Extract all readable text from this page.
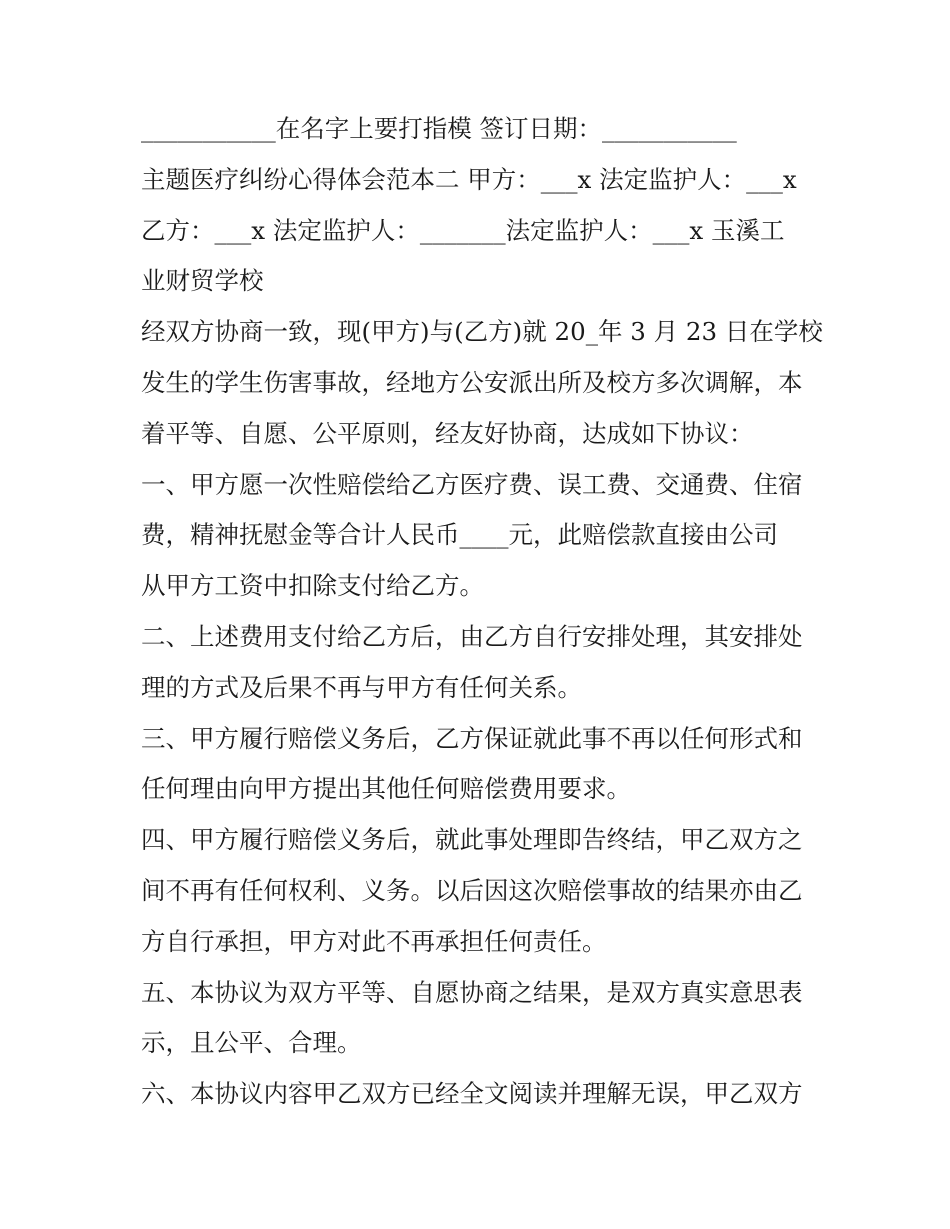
___________在名字上要打指模 签订日期：___________
主题医疗纠纷心得体会范本二 甲方：___x 法定监护人：___x
乙方：___x 法定监护人：_______法定监护人：___x 玉溪工
业财贸学校
经双方协商一致，现(甲方)与(乙方)就 20_年 3 月 23 日在学校
发生的学生伤害事故，经地方公安派出所及校方多次调解，本
着平等、自愿、公平原则，经友好协商，达成如下协议：
一、甲方愿一次性赔偿给乙方医疗费、误工费、交通费、住宿
费，精神抚慰金等合计人民币____元，此赔偿款直接由公司
从甲方工资中扣除支付给乙方。
二、上述费用支付给乙方后，由乙方自行安排处理，其安排处
理的方式及后果不再与甲方有任何关系。
三、甲方履行赔偿义务后，乙方保证就此事不再以任何形式和
任何理由向甲方提出其他任何赔偿费用要求。
四、甲方履行赔偿义务后，就此事处理即告终结，甲乙双方之
间不再有任何权利、义务。以后因这次赔偿事故的结果亦由乙
方自行承担，甲方对此不再承担任何责任。
五、本协议为双方平等、自愿协商之结果，是双方真实意思表
示，且公平、合理。
六、本协议内容甲乙双方已经全文阅读并理解无误，甲乙双方
